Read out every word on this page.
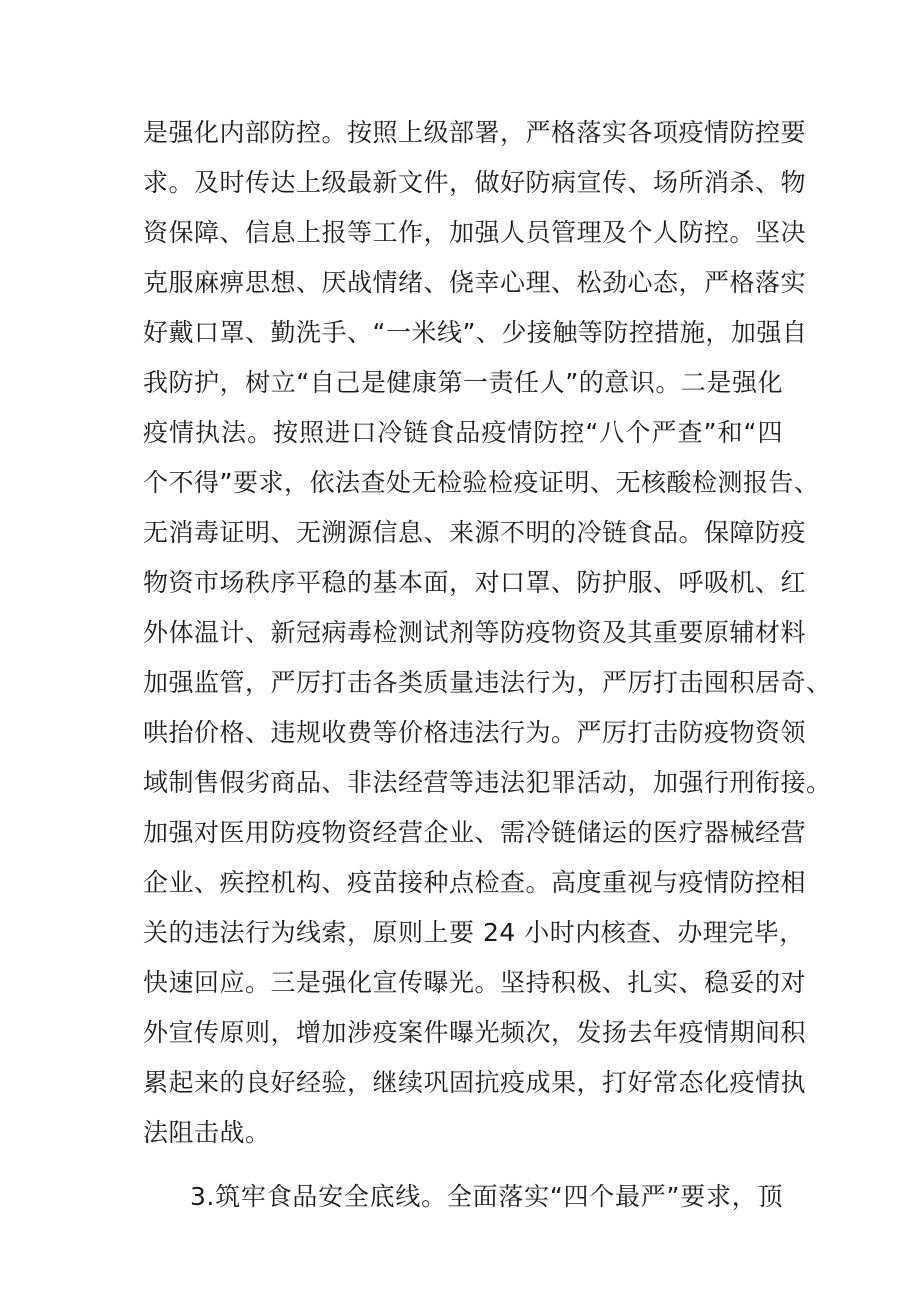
是强化内部防控。按照上级部署，严格落实各项疫情防控要
求。及时传达上级最新文件，做好防病宣传、场所消杀、物
资保障、信息上报等工作，加强人员管理及个人防控。坚决
克服麻痹思想、厌战情绪、侥幸心理、松劲心态，严格落实
好戴口罩、勤洗手、“一米线”、少接触等防控措施，加强自
我防护，树立“自己是健康第一责任人”的意识。二是强化
疫情执法。按照进口冷链食品疫情防控“八个严查”和“四
个不得”要求，依法查处无检验检疫证明、无核酸检测报告、
无消毒证明、无溯源信息、来源不明的冷链食品。保障防疫
物资市场秩序平稳的基本面，对口罩、防护服、呼吸机、红
外体温计、新冠病毒检测试剂等防疫物资及其重要原辅材料
加强监管，严厉打击各类质量违法行为，严厉打击囤积居奇、
哄抬价格、违规收费等价格违法行为。严厉打击防疫物资领
域制售假劣商品、非法经营等违法犯罪活动，加强行刑衔接。
加强对医用防疫物资经营企业、需冷链储运的医疗器械经营
企业、疾控机构、疫苗接种点检查。高度重视与疫情防控相
关的违法行为线索，原则上要 24 小时内核查、办理完毕，
快速回应。三是强化宣传曝光。坚持积极、扎实、稳妥的对
外宣传原则，增加涉疫案件曝光频次，发扬去年疫情期间积
累起来的良好经验，继续巩固抗疫成果，打好常态化疫情执
法阻击战。
3.筑牢食品安全底线。全面落实“四个最严”要求，顶
